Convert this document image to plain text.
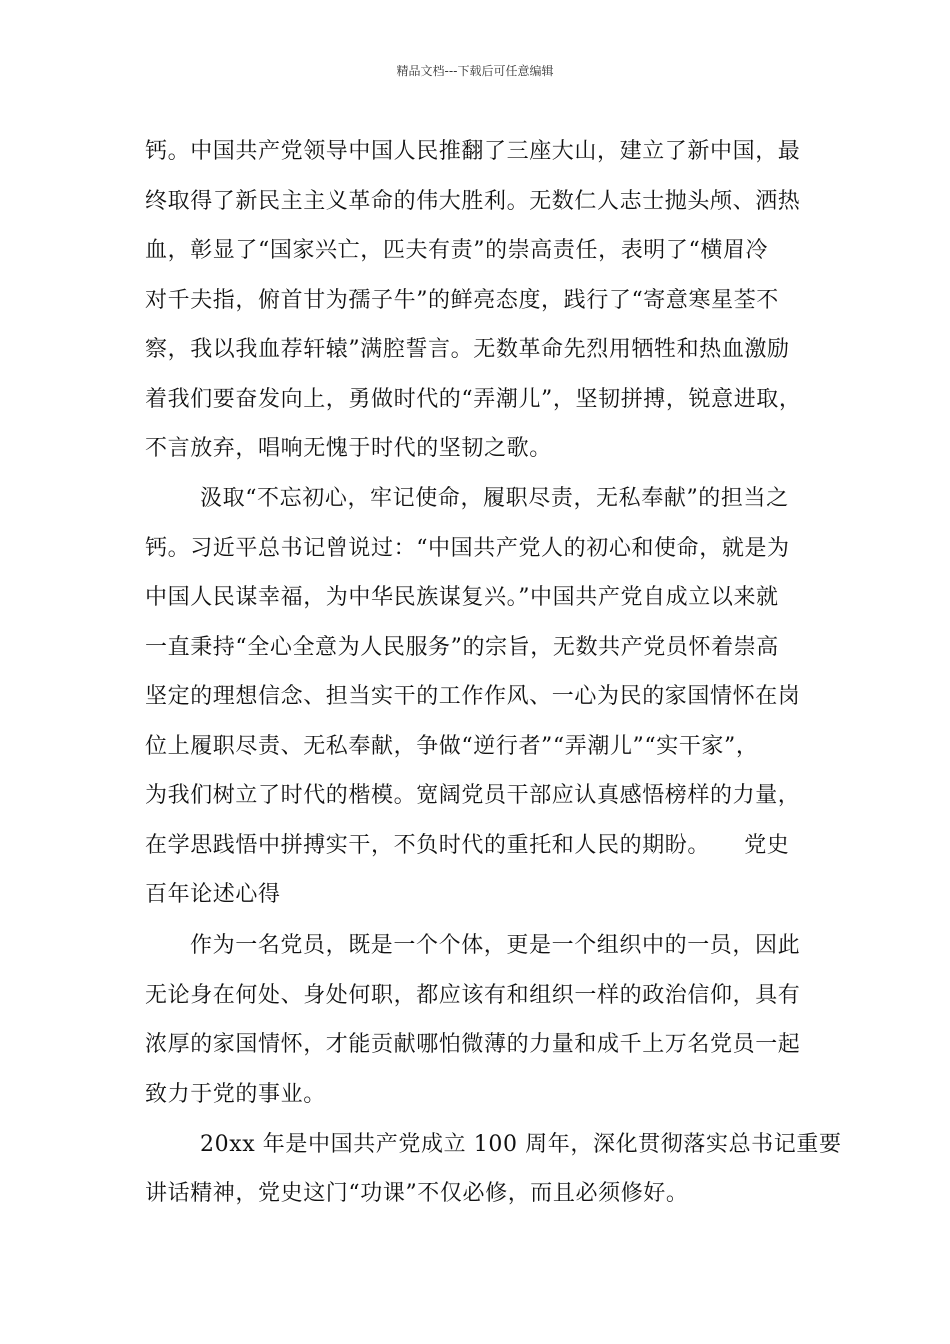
精品文档---下载后可任意编辑
钙。中国共产党领导中国人民推翻了三座大山，建立了新中国，最
终取得了新民主主义革命的伟大胜利。无数仁人志士抛头颅、洒热
血，彰显了“国家兴亡，匹夫有责”的崇高责任，表明了“横眉冷
对千夫指，俯首甘为孺子牛”的鲜亮态度，践行了“寄意寒星荃不
察，我以我血荐轩辕”满腔誓言。无数革命先烈用牺牲和热血激励
着我们要奋发向上，勇做时代的“弄潮儿”，坚韧拼搏，锐意进取，
不言放弃，唱响无愧于时代的坚韧之歌。
汲取“不忘初心，牢记使命，履职尽责，无私奉献”的担当之
钙。习近平总书记曾说过：“中国共产党人的初心和使命，就是为
中国人民谋幸福，为中华民族谋复兴。”中国共产党自成立以来就
一直秉持“全心全意为人民服务”的宗旨，无数共产党员怀着崇高
坚定的理想信念、担当实干的工作作风、一心为民的家国情怀在岗
位上履职尽责、无私奉献，争做“逆行者”“弄潮儿”“实干家”，
为我们树立了时代的楷模。宽阔党员干部应认真感悟榜样的力量，
在学思践悟中拼搏实干，不负时代的重托和人民的期盼。　　党史
百年论述心得
作为一名党员，既是一个个体，更是一个组织中的一员，因此
无论身在何处、身处何职，都应该有和组织一样的政治信仰，具有
浓厚的家国情怀，才能贡献哪怕微薄的力量和成千上万名党员一起
致力于党的事业。
20xx 年是中国共产党成立 100 周年，深化贯彻落实总书记重要
讲话精神，党史这门“功课”不仅必修，而且必须修好。
